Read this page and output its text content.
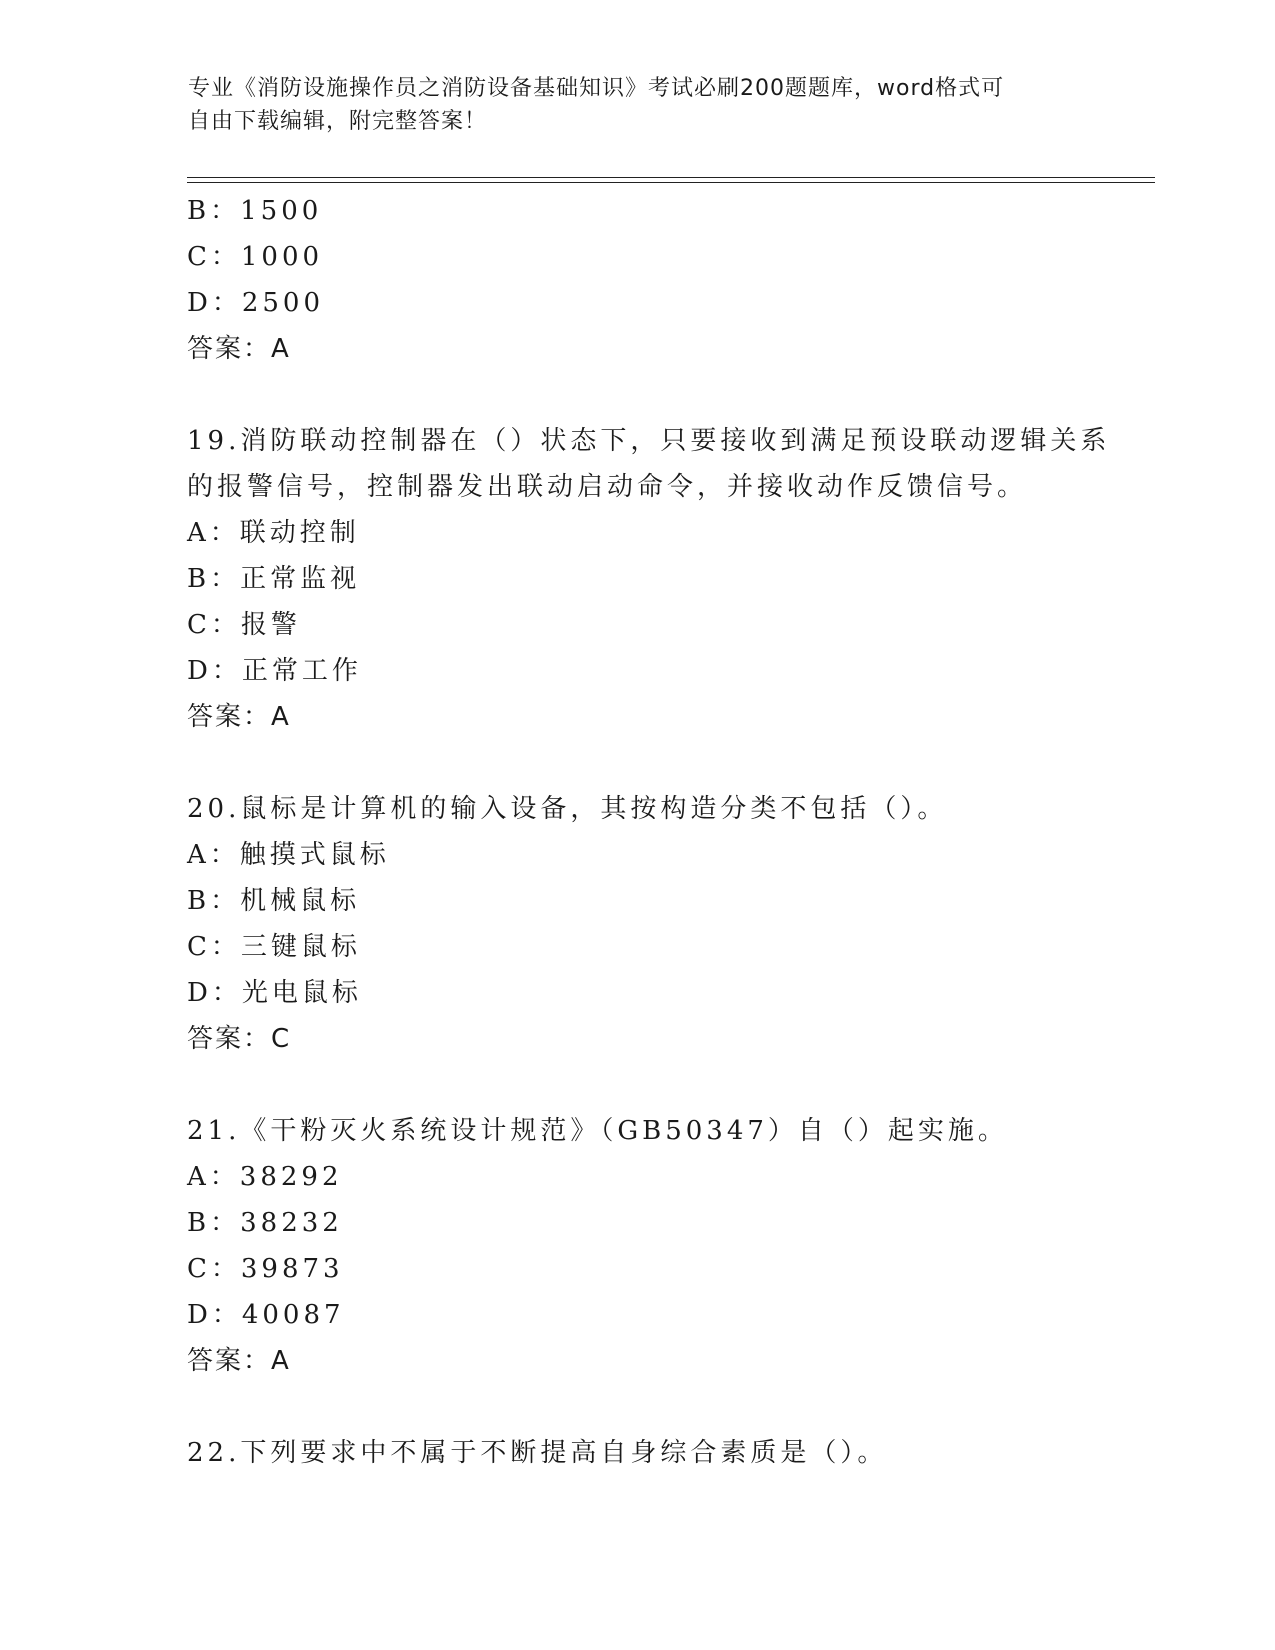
专业《消防设施操作员之消防设备基础知识》考试必刷200题题库，word格式可
自由下载编辑，附完整答案！
B：1500
C：1000
D：2500
答案：A
19.消防联动控制器在（）状态下，只要接收到满足预设联动逻辑关系
的报警信号，控制器发出联动启动命令，并接收动作反馈信号。
A：联动控制
B：正常监视
C：报警
D：正常工作
答案：A
20.鼠标是计算机的输入设备，其按构造分类不包括（）。
A：触摸式鼠标
B：机械鼠标
C：三键鼠标
D：光电鼠标
答案：C
21.《干粉灭火系统设计规范》（GB50347）自（）起实施。
A：38292
B：38232
C：39873
D：40087
答案：A
22.下列要求中不属于不断提高自身综合素质是（）。
